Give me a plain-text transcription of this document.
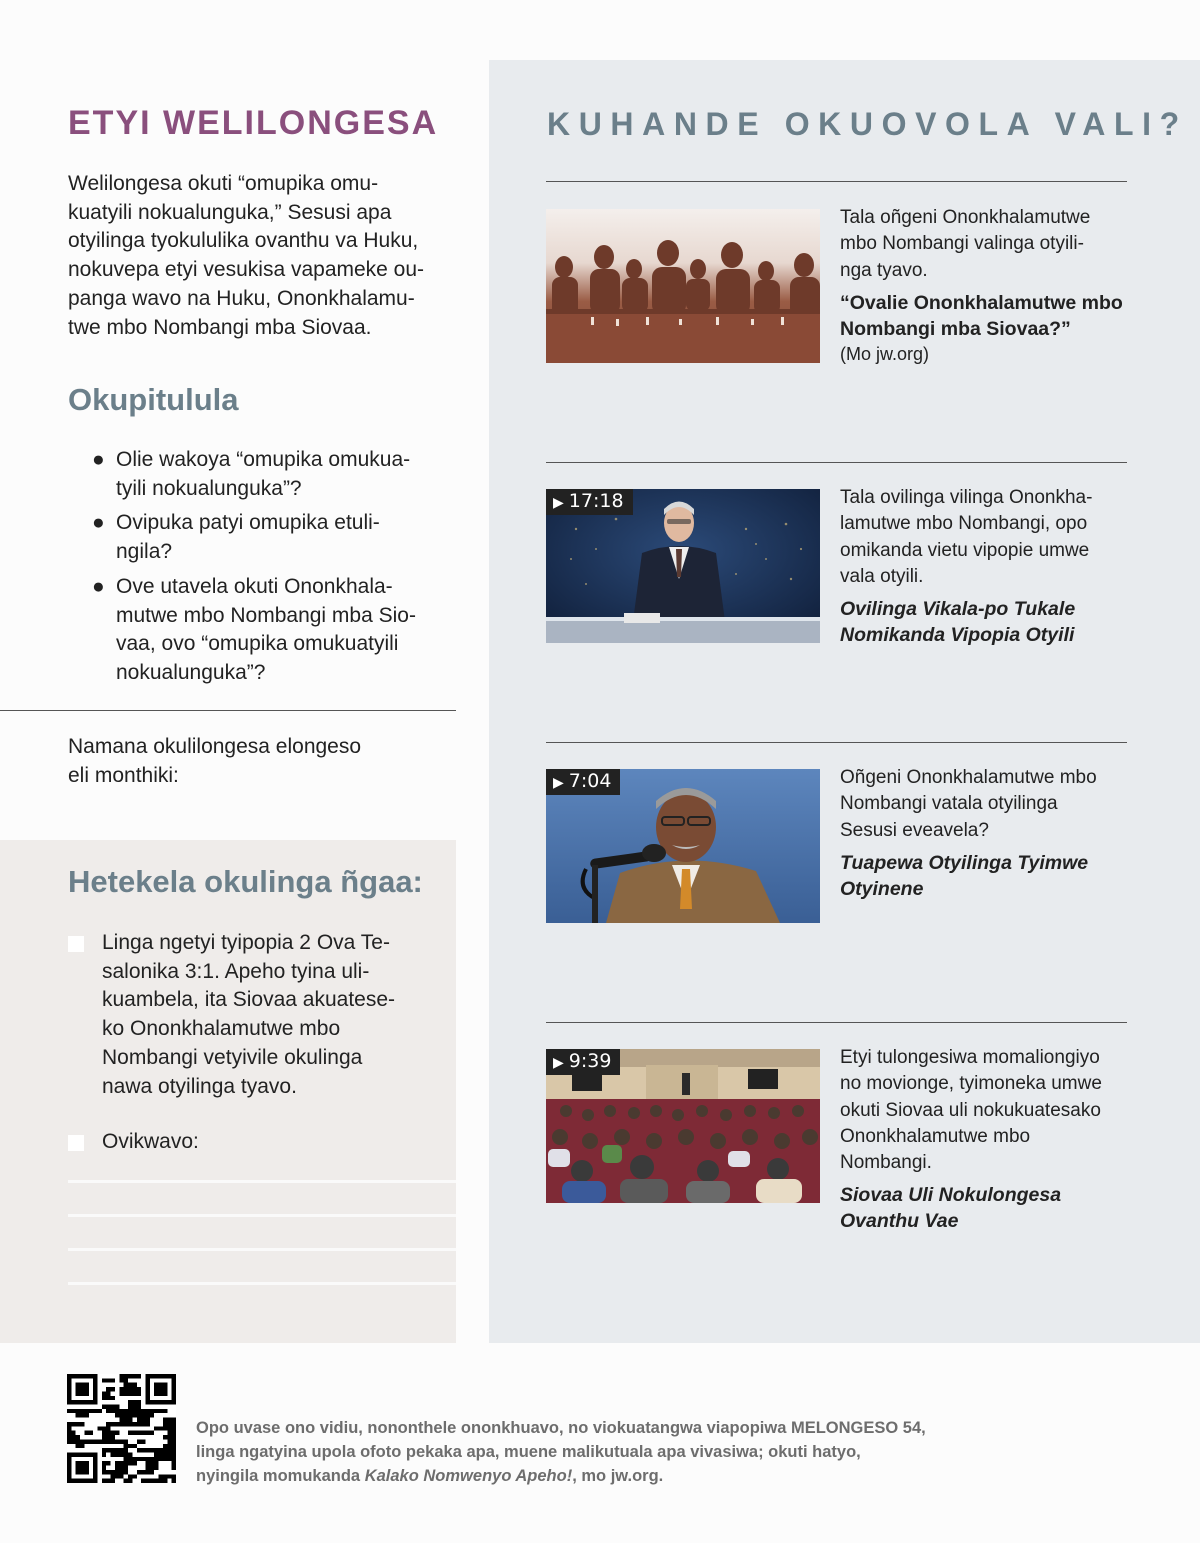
ETYI WELILONGESA

Welilongesa okuti “omupika omu-
kuatyili nokualunguka,” Sesusi apa
otyilinga tyokululika ovanthu va Huku,
nokuvepa etyi vesukisa vapameke ou-
panga wavo na Huku, Ononkhalamu-
twe mbo Nombangi mba Siovaa.

Okupitulula
● Olie wakoya “omupika omukua-
tyili nokualunguka”?
● Ovipuka patyi omupika etuli-
ngila?
● Ove utavela okuti Ononkhala-
mutwe mbo Nombangi mba Sio-
vaa, ovo “omupika omukuatyili
nokualunguka”?

Namana okulilongesa elongeso
eli monthiki:

Hetekela okulinga ñgaa:
Linga ngetyi tyipopia 2 Ova Te-
salonika 3:1. Apeho tyina uli-
kuambela, ita Siovaa akuatese-
ko Ononkhalamutwe mbo
Nombangi vetyivile okulinga
nawa otyilinga tyavo.
Ovikwavo:
KUHANDE OKUOVOLA VALI?

Tala oñgeni Ononkhalamutwe
mbo Nombangi valinga otyili-
nga tyavo.

“Ovalie Ononkhalamutwe mbo
Nombangi mba Siovaa?”

(Mo jw.org)

▶ 17:18	Tala ovilinga vilinga Ononkha-
lamutwe mbo Nombangi, opo
omikanda vietu vipopie umwe
vala otyili.

Ovilinga Vikala-po Tukale
Nomikanda Vipopia Otyili

▶ 7:04	Oñgeni Ononkhalamutwe mbo
Nombangi vatala otyilinga
Sesusi eveavela?

Tuapewa Otyilinga Tyimwe
Otyinene

▶ 9:39	Etyi tulongesiwa momaliongiyo
no movionge, tyimoneka umwe
okuti Siovaa uli nokukuatesako
Ononkhalamutwe mbo
Nombangi.

Siovaa Uli Nokulongesa
Ovanthu Vae

Opo uvase ono vidiu, nononthele ononkhuavo, no viokuatangwa viapopiwa MELONGESO 54,
linga ngatyina upola ofoto pekaka apa, muene malikutuala apa vivasiwa; okuti hatyo,
nyingila momukanda Kalako Nomwenyo Apeho!, mo jw.org.
